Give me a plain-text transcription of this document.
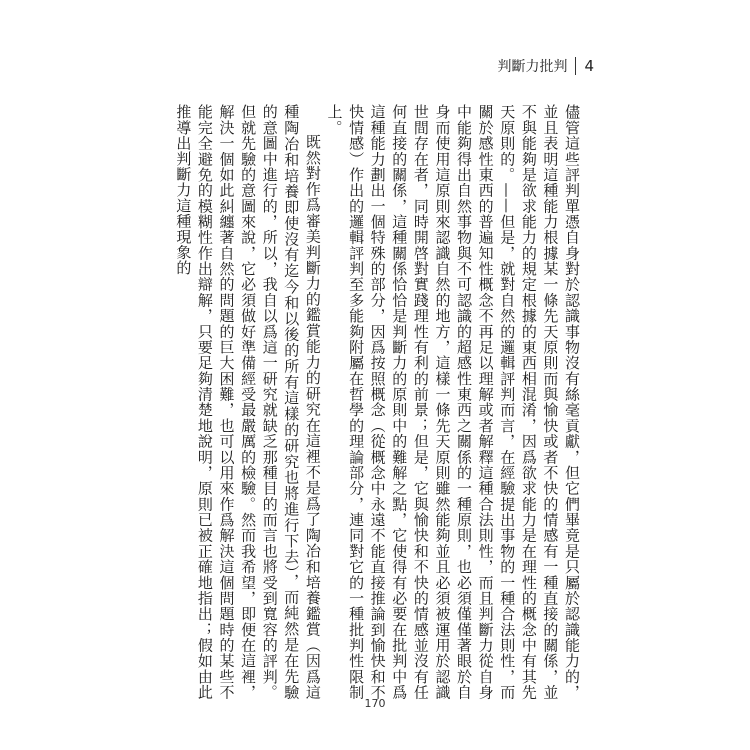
判斷力批判 4

儘管這些評判單憑自身對於認識事物沒有絲毫貢獻，但它們畢竟是只屬於認識能力的，並且表明這種能力根據某一條先天原則而與愉快或者不快的情感有一種直接的關係，並不與能夠是欲求能力的規定根據的東西相混淆，因爲欲求能力是在理性的概念中有其先天原則的。——但是，就對自然的邏輯評判而言，在經驗提出事物的一種合法則性，而關於感性東西的普遍知性概念不再足以理解或者解釋這種合法則性，而且判斷力從自身中能夠得出自然事物與不可認識的超感性東西之關係的一種原則，也必須僅僅著眼於自身而使用這原則來認識自然的地方，這樣一條先天原則雖然能夠並且必須被運用於認識世間存在者，同時開啓對實踐理性有利的前景；但是，它與愉快和不快的情感並沒有任何直接的關係，這種關係恰恰是判斷力的原則中的難解之點，它使得有必要在批判中爲這種能力劃出一個特殊的部分，因爲按照概念（從概念中永遠不能直接推論到愉快和不快情感）作出的邏輯評判至多能夠附屬在哲學的理論部分，連同對它的一種批判性限制上。

既然對作爲審美判斷力的鑑賞能力的研究在這裡不是爲了陶冶和培養鑑賞（因爲這種陶冶和培養即使沒有迄今和以後的所有這樣的研究也將進行下去），而純然是在先驗的意圖中進行的，所以，我自以爲這一研究就缺乏那種目的而言也將受到寬容的評判。但就先驗的意圖來說，它必須做好準備經受最嚴厲的檢驗。然而我希望，即便在這裡，解決一個如此糾纏著自然的問題的巨大困難，也可以用來作爲解決這個問題時的某些不能完全避免的模糊性作出辯解，只要足夠清楚地說明，原則已被正確地指出；假如由此推導出判斷力這種現象的

170
